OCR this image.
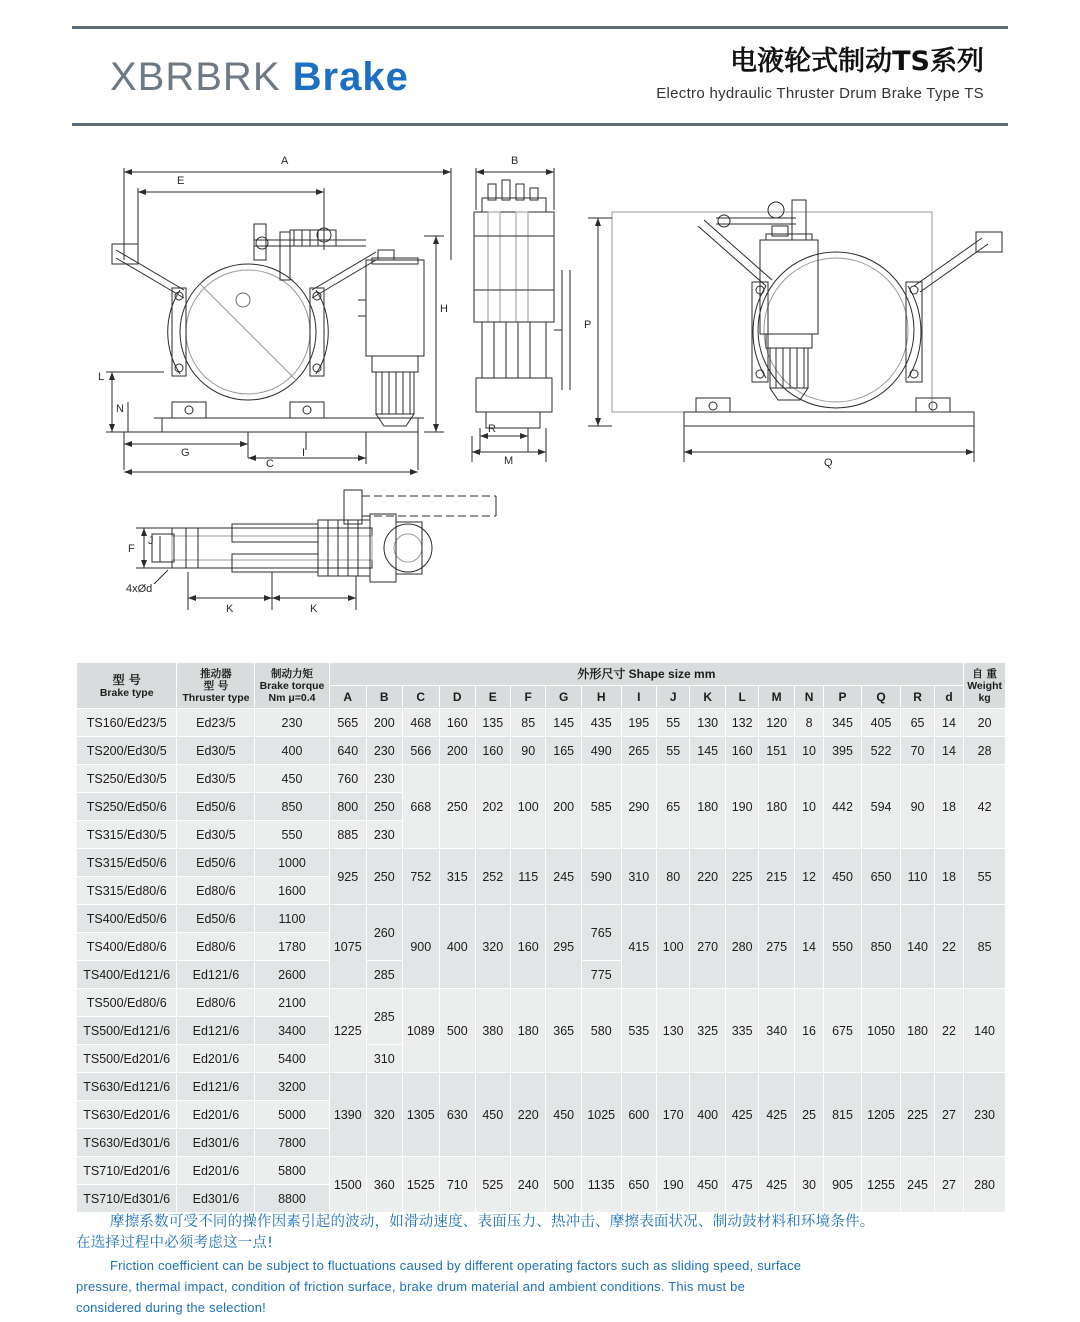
XBRBRK Brake	电液轮式制动TS系列
Electro hydraulic Thruster Drum Brake Type TS
A
E
H
L
N
G	I
C
B
R
M
P
Q
F
J
4xØd
K	K
型 号
Brake type

推动器
型 号
Thruster type

制动力矩
Brake torque
Nm μ=0.4
	外形尺寸 Shape size mm	自 重
Weight
kg

			A	B	C	D	E	F	G	H	I	J	K	L	M	N	P	Q	R	d	
TS160/Ed23/5	Ed23/5	230	565	200	468	160	135	85	145	435	195	55	130	132	120	8	345	405	65	14	20
TS200/Ed30/5	Ed30/5	400	640	230	566	200	160	90	165	490	265	55	145	160	151	10	395	522	70	14	28
TS250/Ed30/5	Ed30/5	450	760	230	668	250	202	100	200	585	290	65	180	190	180	10	442	594	90	18	42
TS250/Ed50/6	Ed50/6	850	800	250																	
TS315/Ed30/5	Ed30/5	550	885	230																	
TS315/Ed50/6	Ed50/6	1000	925	250	752	315	252	115	245	590	310	80	220	225	215	12	450	650	110	18	55
TS315/Ed80/6	Ed80/6	1600																			
TS400/Ed50/6	Ed50/6	1100	1075	260	900	400	320	160	295	765	415	100	270	280	275	14	550	850	140	22	85
TS400/Ed80/6	Ed80/6	1780																			
TS400/Ed121/6	Ed121/6	2600		285						775											
TS500/Ed80/6	Ed80/6	2100	1225	285	1089	500	380	180	365	580	535	130	325	335	340	16	675	1050	180	22	140
TS500/Ed121/6	Ed121/6	3400																			
TS500/Ed201/6	Ed201/6	5400		310																	
TS630/Ed121/6	Ed121/6	3200	1390	320	1305	630	450	220	450	1025	600	170	400	425	425	25	815	1205	225	27	230
TS630/Ed201/6	Ed201/6	5000																			
TS630/Ed301/6	Ed301/6	7800																			
TS710/Ed201/6	Ed201/6	5800	1500	360	1525	710	525	240	500	1135	650	190	450	475	425	30	905	1255	245	27	280
TS710/Ed301/6	Ed301/6	8800																			
摩擦系数可受不同的操作因素引起的波动，如滑动速度、表面压力、热冲击、摩擦表面状况、制动鼓材料和环境条件。
在选择过程中必须考虑这一点!
Friction coefficient can be subject to fluctuations caused by different operating factors such as sliding speed, surface
pressure, thermal impact, condition of friction surface, brake drum material and ambient conditions. This must be
considered during the selection!
